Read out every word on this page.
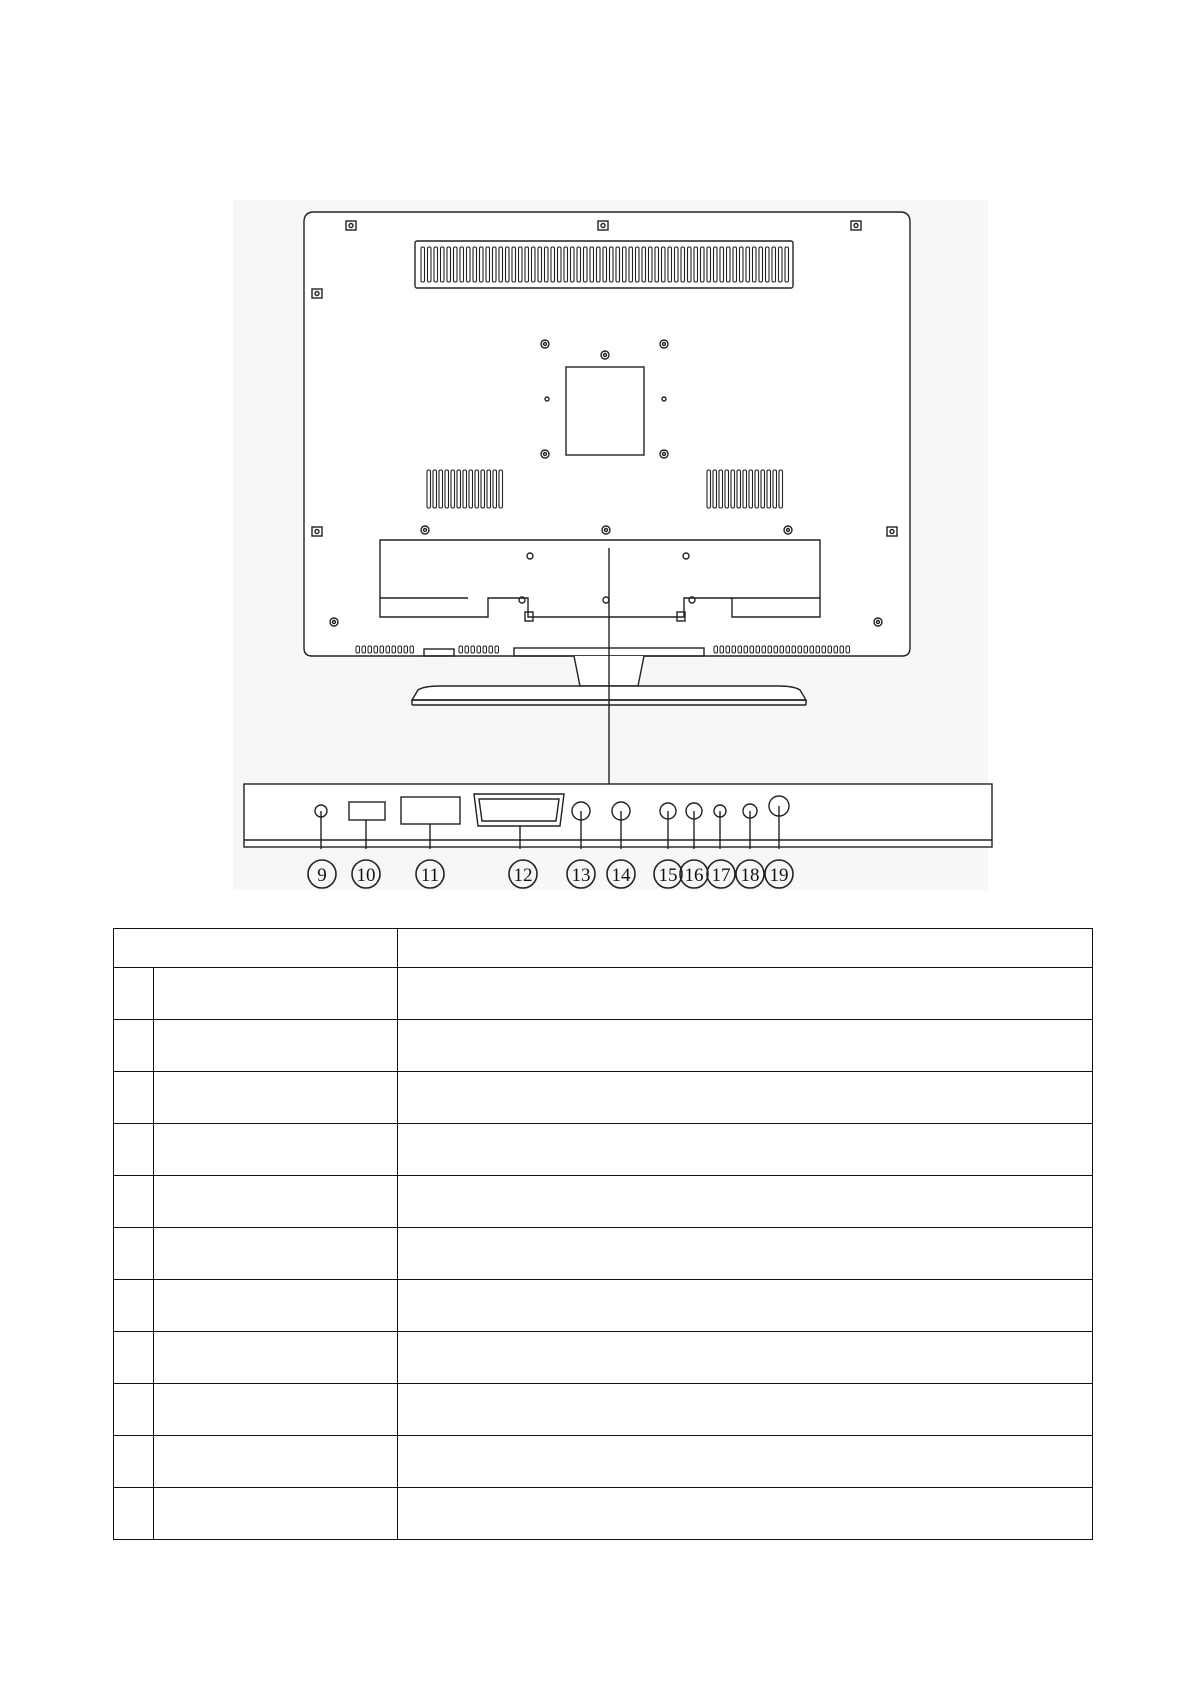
9 10 11	12 13 14 15 16 17 18 19
